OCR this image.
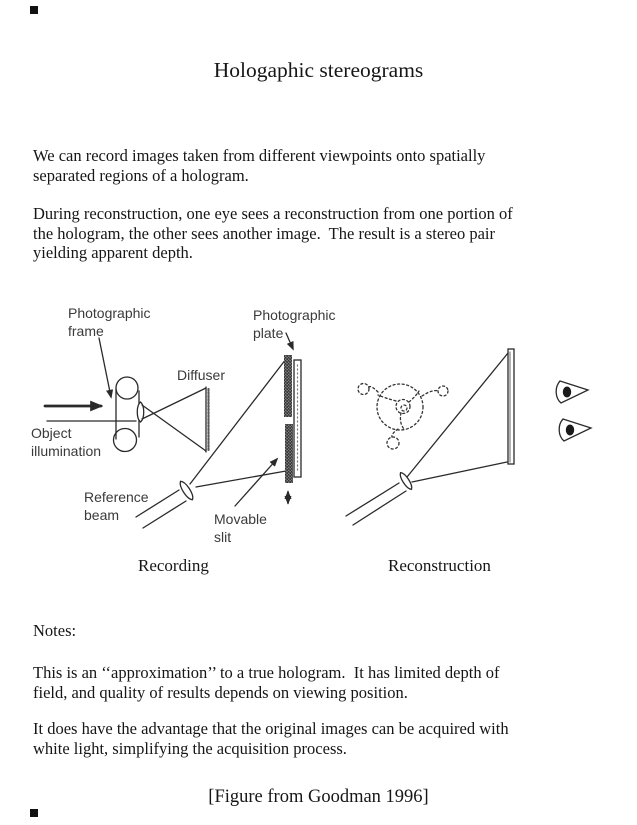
Hologaphic stereograms
We can record images taken from different viewpoints onto spatially
separated regions of a hologram.
During reconstruction, one eye sees a reconstruction from one portion of
the hologram, the other sees another image.  The result is a stereo pair
yielding apparent depth.
Photographic
frame
Diffuser
Photographic
plate
Object
illumination
Reference
beam	Movable
slit
Recording	Reconstruction
Notes:
This is an ‘‘approximation’’ to a true hologram.  It has limited depth of
field, and quality of results depends on viewing position.
It does have the advantage that the original images can be acquired with
white light, simplifying the acquisition process.
[Figure from Goodman 1996]
